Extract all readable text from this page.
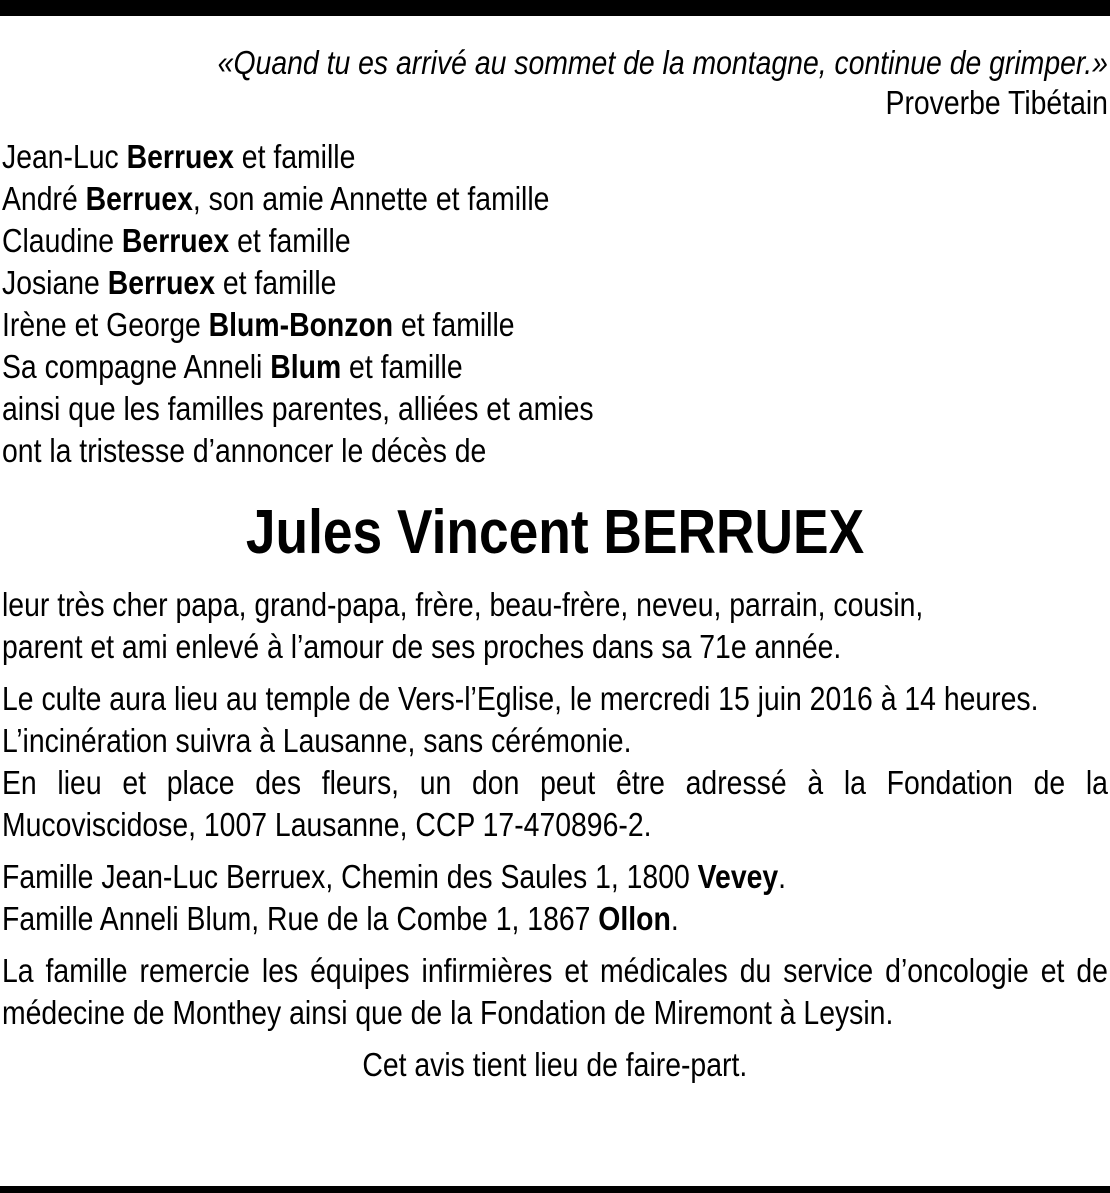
«Quand tu es arrivé au sommet de la montagne, continue de grimper.»
Proverbe Tibétain
Jean-Luc Berruex et famille
André Berruex, son amie Annette et famille
Claudine Berruex et famille
Josiane Berruex et famille
Irène et George Blum-Bonzon et famille
Sa compagne Anneli Blum et famille
ainsi que les familles parentes, alliées et amies
ont la tristesse d’annoncer le décès de
Jules Vincent BERRUEX
leur très cher papa, grand-papa, frère, beau-frère, neveu, parrain, cousin,
parent et ami enlevé à l’amour de ses proches dans sa 71e année.
Le culte aura lieu au temple de Vers-l’Eglise, le mercredi 15 juin 2016 à 14 heures.
L’incinération suivra à Lausanne, sans cérémonie.
En lieu et place des fleurs, un don peut être adressé à la Fondation de la Mucoviscidose, 1007 Lausanne, CCP 17-470896-2.
Famille Jean-Luc Berruex, Chemin des Saules 1, 1800 Vevey.
Famille Anneli Blum, Rue de la Combe 1, 1867 Ollon.
La famille remercie les équipes infirmières et médicales du service d’oncologie et de médecine de Monthey ainsi que de la Fondation de Miremont à Leysin.
Cet avis tient lieu de faire-part.
